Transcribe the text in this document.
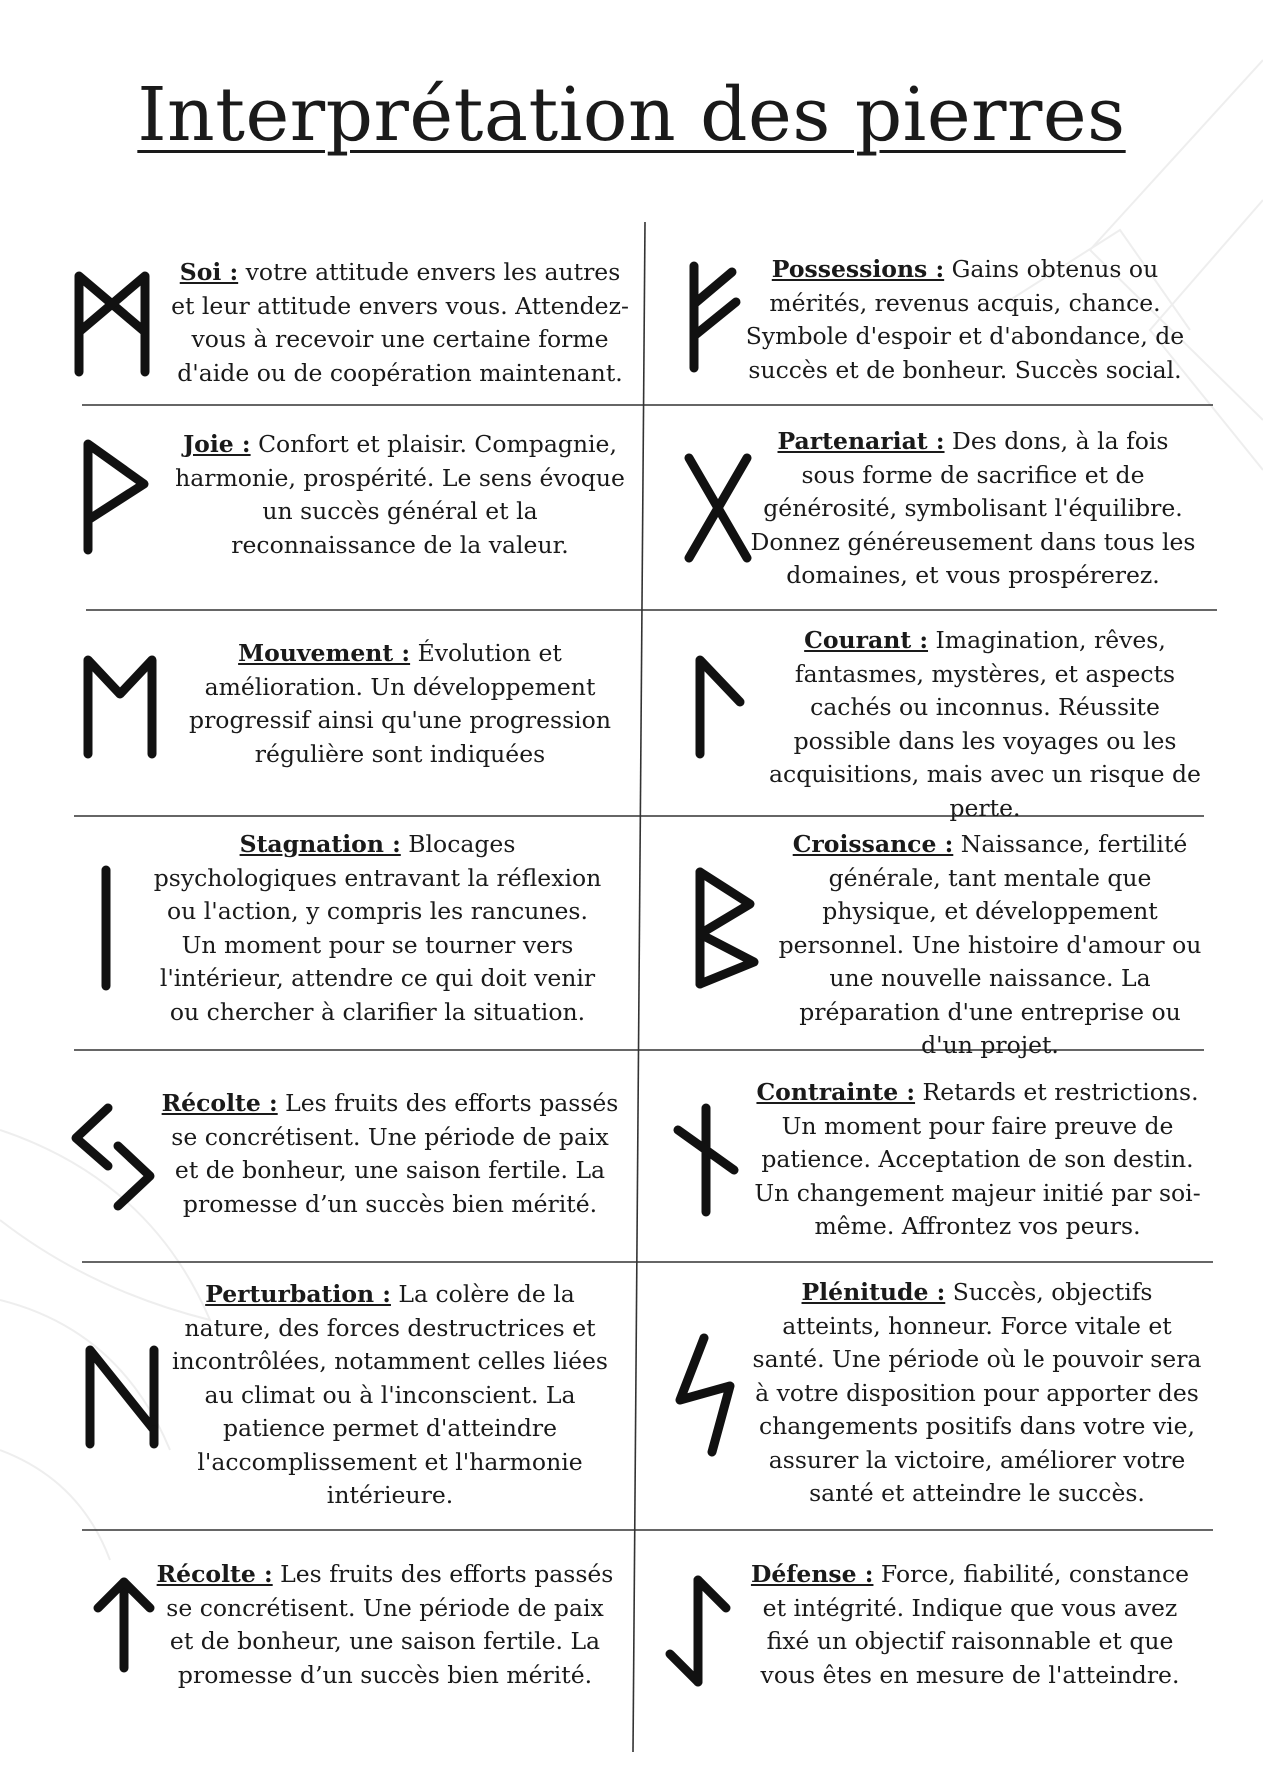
Interprétation des pierres
Soi : votre attitude envers les autres et leur attitude envers vous. Attendez-vous à recevoir une certaine forme d'aide ou de coopération maintenant.
Possessions : Gains obtenus ou mérités, revenus acquis, chance. Symbole d'espoir et d'abondance, de succès et de bonheur. Succès social.
Joie : Confort et plaisir. Compagnie, harmonie, prospérité. Le sens évoque un succès général et la reconnaissance de la valeur.
Partenariat : Des dons, à la fois sous forme de sacrifice et de générosité, symbolisant l'équilibre. Donnez généreusement dans tous les domaines, et vous prospérerez.
Mouvement : Évolution et amélioration. Un développement progressif ainsi qu'une progression régulière sont indiquées
Courant : Imagination, rêves, fantasmes, mystères, et aspects cachés ou inconnus. Réussite possible dans les voyages ou les acquisitions, mais avec un risque de perte.
Stagnation : Blocages psychologiques entravant la réflexion ou l'action, y compris les rancunes. Un moment pour se tourner vers l'intérieur, attendre ce qui doit venir ou chercher à clarifier la situation.
Croissance : Naissance, fertilité générale, tant mentale que physique, et développement personnel. Une histoire d'amour ou une nouvelle naissance. La préparation d'une entreprise ou d'un projet.
Récolte : Les fruits des efforts passés se concrétisent. Une période de paix et de bonheur, une saison fertile. La promesse d’un succès bien mérité.
Contrainte : Retards et restrictions. Un moment pour faire preuve de patience. Acceptation de son destin. Un changement majeur initié par soi-même. Affrontez vos peurs.
Perturbation : La colère de la nature, des forces destructrices et incontrôlées, notamment celles liées au climat ou à l'inconscient. La patience permet d'atteindre l'accomplissement et l'harmonie intérieure.
Plénitude : Succès, objectifs atteints, honneur. Force vitale et santé. Une période où le pouvoir sera à votre disposition pour apporter des changements positifs dans votre vie, assurer la victoire, améliorer votre santé et atteindre le succès.
Récolte : Les fruits des efforts passés se concrétisent. Une période de paix et de bonheur, une saison fertile. La promesse d’un succès bien mérité.
Défense : Force, fiabilité, constance et intégrité. Indique que vous avez fixé un objectif raisonnable et que vous êtes en mesure de l'atteindre.
